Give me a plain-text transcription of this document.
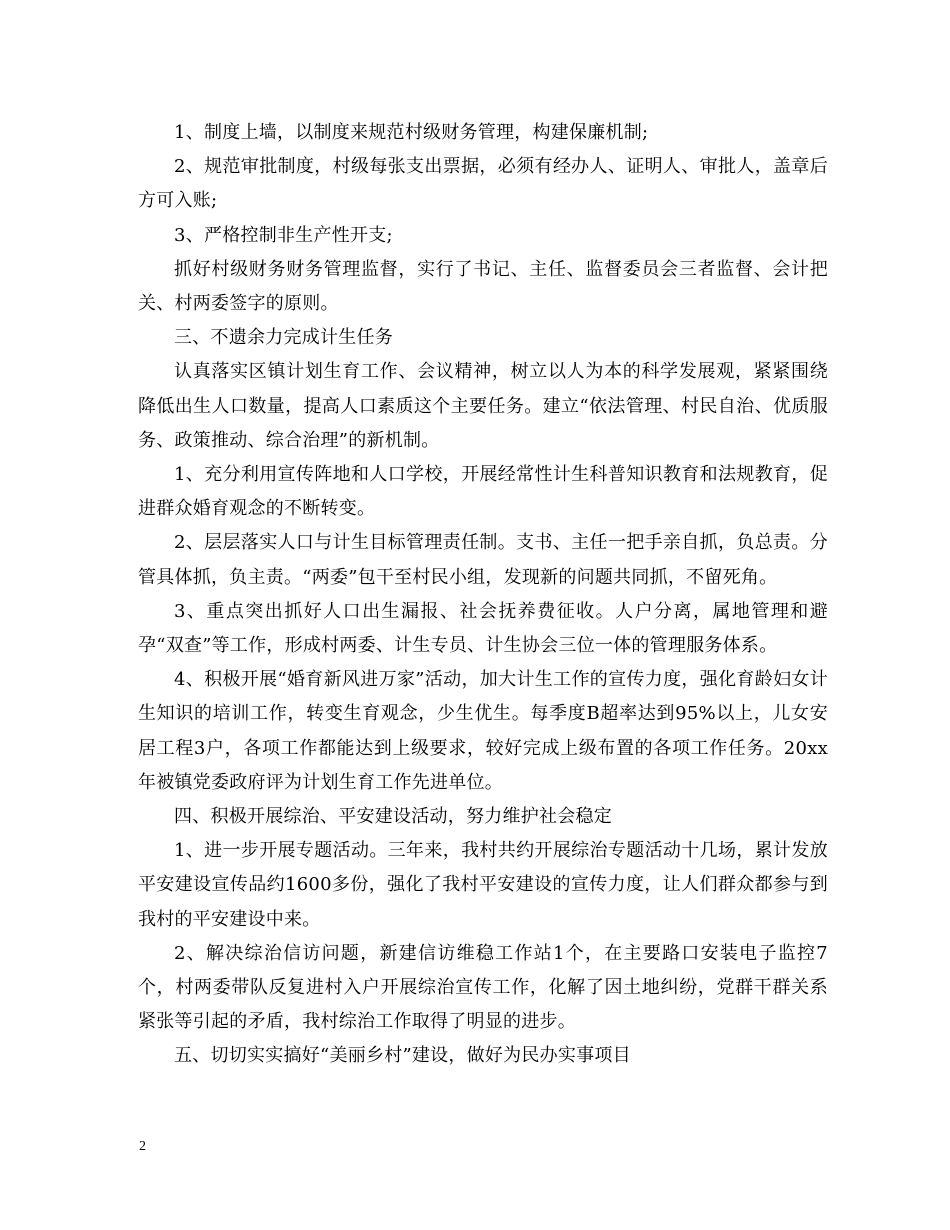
1、制度上墙，以制度来规范村级财务管理，构建保廉机制;

2、规范审批制度，村级每张支出票据，必须有经办人、证明人、审批人，盖章后方可入账;

3、严格控制非生产性开支;

抓好村级财务财务管理监督，实行了书记、主任、监督委员会三者监督、会计把关、村两委签字的原则。

三、不遗余力完成计生任务

认真落实区镇计划生育工作、会议精神，树立以人为本的科学发展观，紧紧围绕降低出生人口数量，提高人口素质这个主要任务。建立“依法管理、村民自治、优质服务、政策推动、综合治理”的新机制。

1、充分利用宣传阵地和人口学校，开展经常性计生科普知识教育和法规教育，促进群众婚育观念的不断转变。

2、层层落实人口与计生目标管理责任制。支书、主任一把手亲自抓，负总责。分管具体抓，负主责。“两委”包干至村民小组，发现新的问题共同抓，不留死角。

3、重点突出抓好人口出生漏报、社会抚养费征收。人户分离，属地管理和避孕“双查”等工作，形成村两委、计生专员、计生协会三位一体的管理服务体系。

4、积极开展“婚育新风进万家”活动，加大计生工作的宣传力度，强化育龄妇女计生知识的培训工作，转变生育观念，少生优生。每季度B超率达到95%以上，儿女安居工程3户，各项工作都能达到上级要求，较好完成上级布置的各项工作任务。20xx年被镇党委政府评为计划生育工作先进单位。

四、积极开展综治、平安建设活动，努力维护社会稳定

1、进一步开展专题活动。三年来，我村共约开展综治专题活动十几场，累计发放平安建设宣传品约1600多份，强化了我村平安建设的宣传力度，让人们群众都参与到我村的平安建设中来。

2、解决综治信访问题，新建信访维稳工作站1个，在主要路口安装电子监控7个，村两委带队反复进村入户开展综治宣传工作，化解了因土地纠纷，党群干群关系紧张等引起的矛盾，我村综治工作取得了明显的进步。

五、切切实实搞好“美丽乡村”建设，做好为民办实事项目

2
